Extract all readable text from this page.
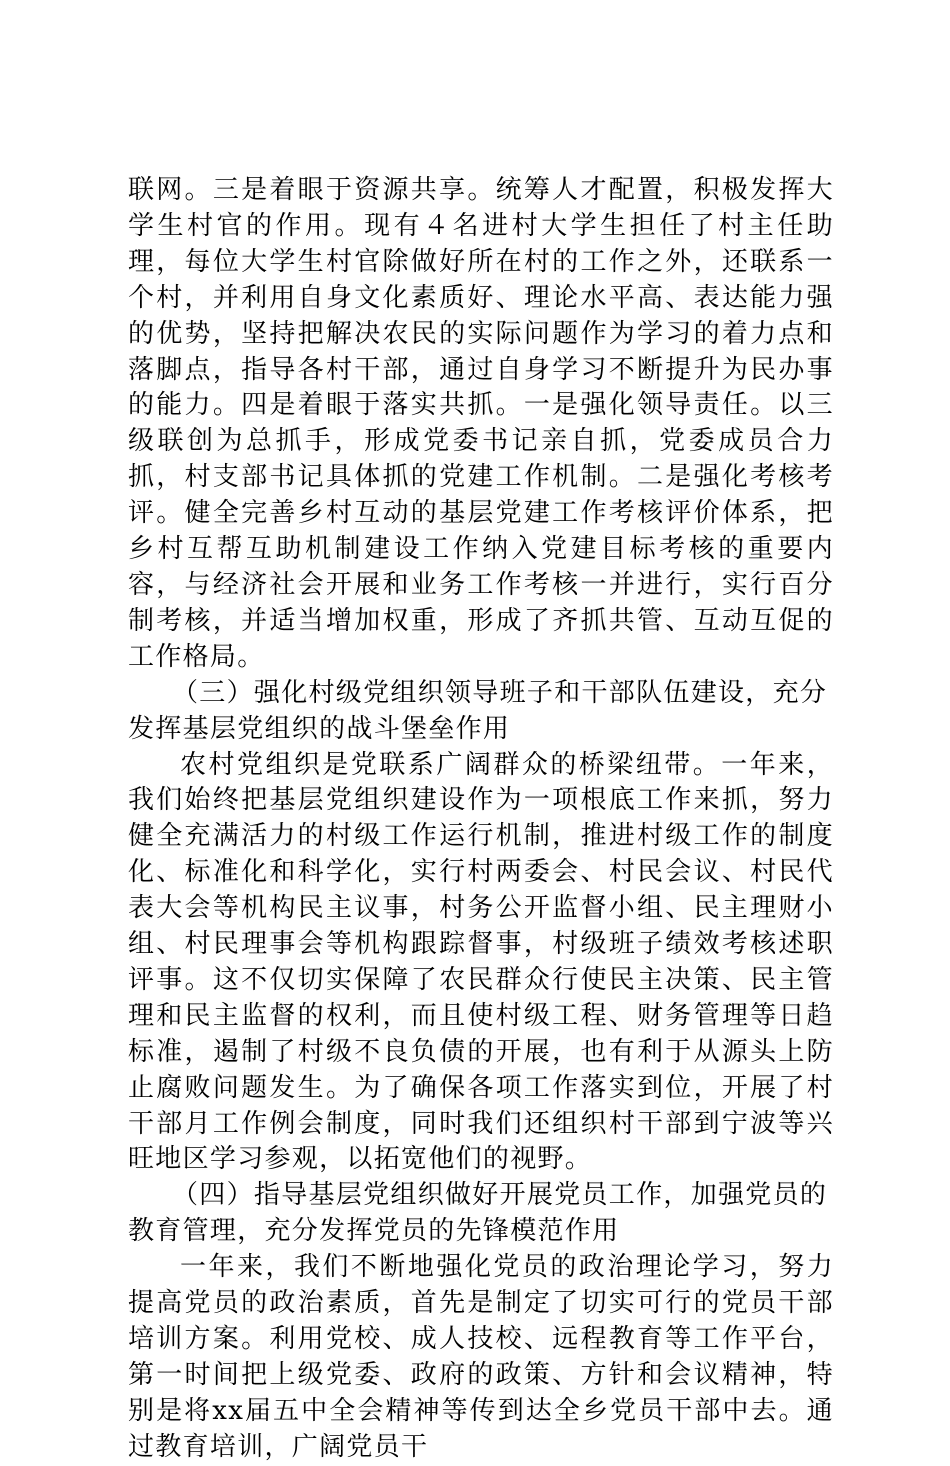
联网。三是着眼于资源共享。统筹人才配置，积极发挥大学生村官的作用。现有４名进村大学生担任了村主任助理，每位大学生村官除做好所在村的工作之外，还联系一个村，并利用自身文化素质好、理论水平高、表达能力强的优势，坚持把解决农民的实际问题作为学习的着力点和落脚点，指导各村干部，通过自身学习不断提升为民办事的能力。四是着眼于落实共抓。一是强化领导责任。以三级联创为总抓手，形成党委书记亲自抓，党委成员合力抓，村支部书记具体抓的党建工作机制。二是强化考核考评。健全完善乡村互动的基层党建工作考核评价体系，把乡村互帮互助机制建设工作纳入党建目标考核的重要内容，与经济社会开展和业务工作考核一并进行，实行百分制考核，并适当增加权重，形成了齐抓共管、互动互促的工作格局。

（三）强化村级党组织领导班子和干部队伍建设，充分发挥基层党组织的战斗堡垒作用

农村党组织是党联系广阔群众的桥梁纽带。一年来，我们始终把基层党组织建设作为一项根底工作来抓，努力健全充满活力的村级工作运行机制，推进村级工作的制度化、标准化和科学化，实行村两委会、村民会议、村民代表大会等机构民主议事，村务公开监督小组、民主理财小组、村民理事会等机构跟踪督事，村级班子绩效考核述职评事。这不仅切实保障了农民群众行使民主决策、民主管理和民主监督的权利，而且使村级工程、财务管理等日趋标准，遏制了村级不良负债的开展，也有利于从源头上防止腐败问题发生。为了确保各项工作落实到位，开展了村干部月工作例会制度，同时我们还组织村干部到宁波等兴旺地区学习参观，以拓宽他们的视野。

（四）指导基层党组织做好开展党员工作，加强党员的教育管理，充分发挥党员的先锋模范作用

一年来，我们不断地强化党员的政治理论学习，努力提高党员的政治素质，首先是制定了切实可行的党员干部培训方案。利用党校、成人技校、远程教育等工作平台，第一时间把上级党委、政府的政策、方针和会议精神，特别是将xx届五中全会精神等传到达全乡党员干部中去。通过教育培训，广阔党员干
